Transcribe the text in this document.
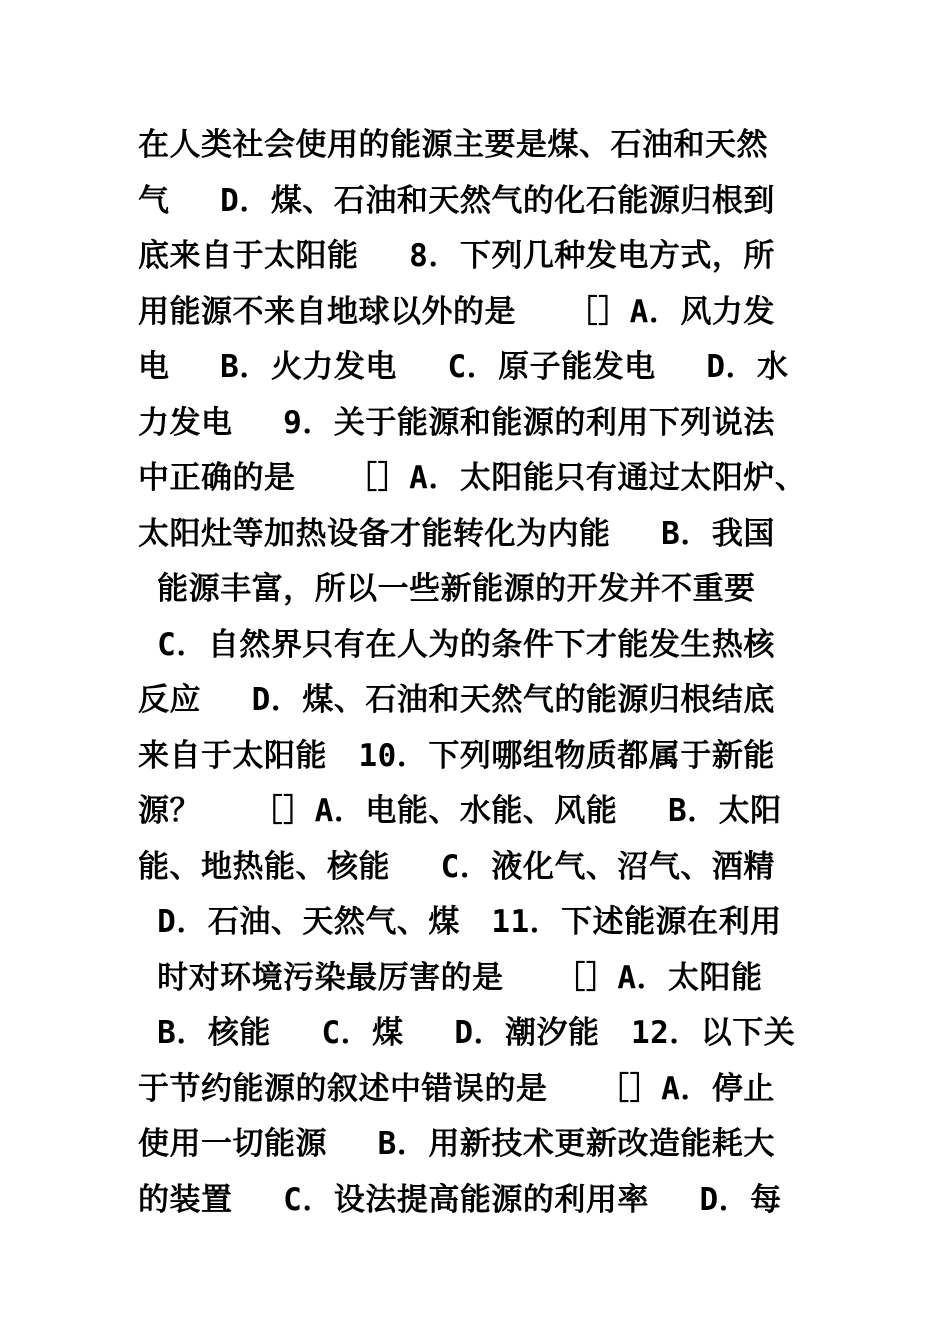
在人类社会使用的能源主要是煤、石油和天然
气　 D．煤、石油和天然气的化石能源归根到
底来自于太阳能　 8．下列几种发电方式，所
用能源不来自地球以外的是　 ［］A．风力发
电　 B．火力发电　 C．原子能发电　 D．水
力发电　 9．关于能源和能源的利用下列说法
中正确的是　 ［］A．太阳能只有通过太阳炉、
太阳灶等加热设备才能转化为内能　 B．我国
能源丰富，所以一些新能源的开发并不重要
C．自然界只有在人为的条件下才能发生热核
反应　 D．煤、石油和天然气的能源归根结底
来自于太阳能　10．下列哪组物质都属于新能
源？　 ［］A．电能、水能、风能　 B．太阳
能、地热能、核能　 C．液化气、沼气、酒精
D．石油、天然气、煤　11．下述能源在利用
时对环境污染最厉害的是　 ［］A．太阳能
B．核能　 C．煤　 D．潮汐能　12．以下关
于节约能源的叙述中错误的是　 ［］A．停止
使用一切能源　 B．用新技术更新改造能耗大
的装置　 C．设法提高能源的利用率　 D．每
